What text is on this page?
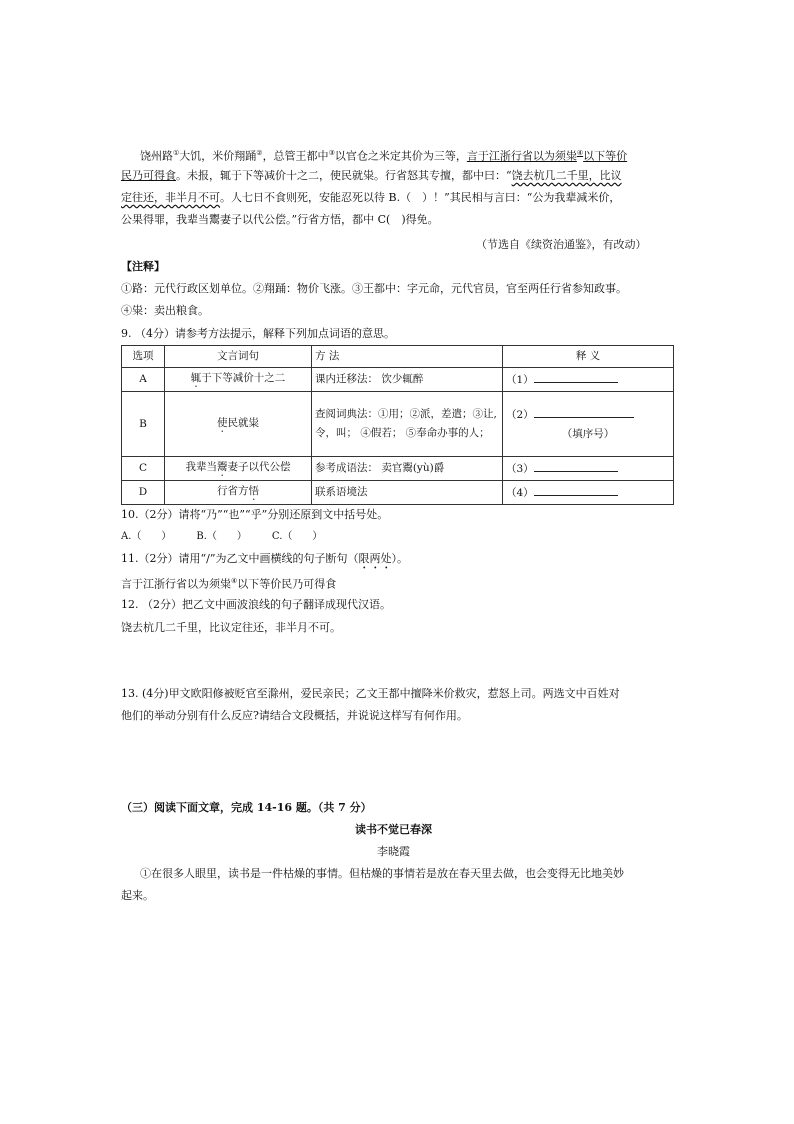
饶州路①大饥，米价翔踊②，总管王都中③以官仓之米定其价为三等，言于江浙行省以为须粜④以下等价
民乃可得食。未报，辄于下等减价十之二，使民就粜。行省怒其专擅，都中曰：“饶去杭几二千里，比议
定往还，非半月不可。人七日不食则死，安能忍死以待 B.（　）！”其民相与言曰：“公为我辈减米价，
公果得罪，我辈当鬻妻子以代公偿。”行省方悟，都中 C(　)得免。
（节选自《续资治通鉴》，有改动）
【注释】
①路：元代行政区划单位。②翔踊：物价飞涨。③王都中：字元命，元代官员，官至两任行省参知政事。
④粜：卖出粮食。
9. （4分）请参考方法提示，解释下列加点词语的意思。
选项	文言词句	方 法	释 义
A	辄于下等减价十之二	课内迁移法： 饮少辄醉	（1）
B	使民就粜	查阅词典法：①用；②派，差遣；③让,令，叫； ④假若； ⑤奉命办事的人；	（2）
（填序号）

C	我辈当鬻妻子以代公偿	参考成语法： 卖官鬻(yù)爵	（3）
D	行省方悟	联系语境法	（4）
10.（2分）请将“乃”“也”“乎”分别还原到文中括号处。
A.（　　）　　　B.（　　）　　　C.（　　）
11.（2分）请用“/”为乙文中画横线的句子断句（限两处）。
言于江浙行省以为须粜④以下等价民乃可得食
12. （2分）把乙文中画波浪线的句子翻译成现代汉语。
饶去杭几二千里，比议定往还，非半月不可。
13. (4分)甲文欧阳修被贬官至滁州，爱民亲民；乙文王都中擅降米价救灾，惹怒上司。两选文中百姓对
他们的举动分别有什么反应?请结合文段概括，并说说这样写有何作用。
（三）阅读下面文章，完成 14-16 题。（共 7 分）
读书不觉已春深
李晓霞
①在很多人眼里，读书是一件枯燥的事情。但枯燥的事情若是放在春天里去做，也会变得无比地美妙
起来。
